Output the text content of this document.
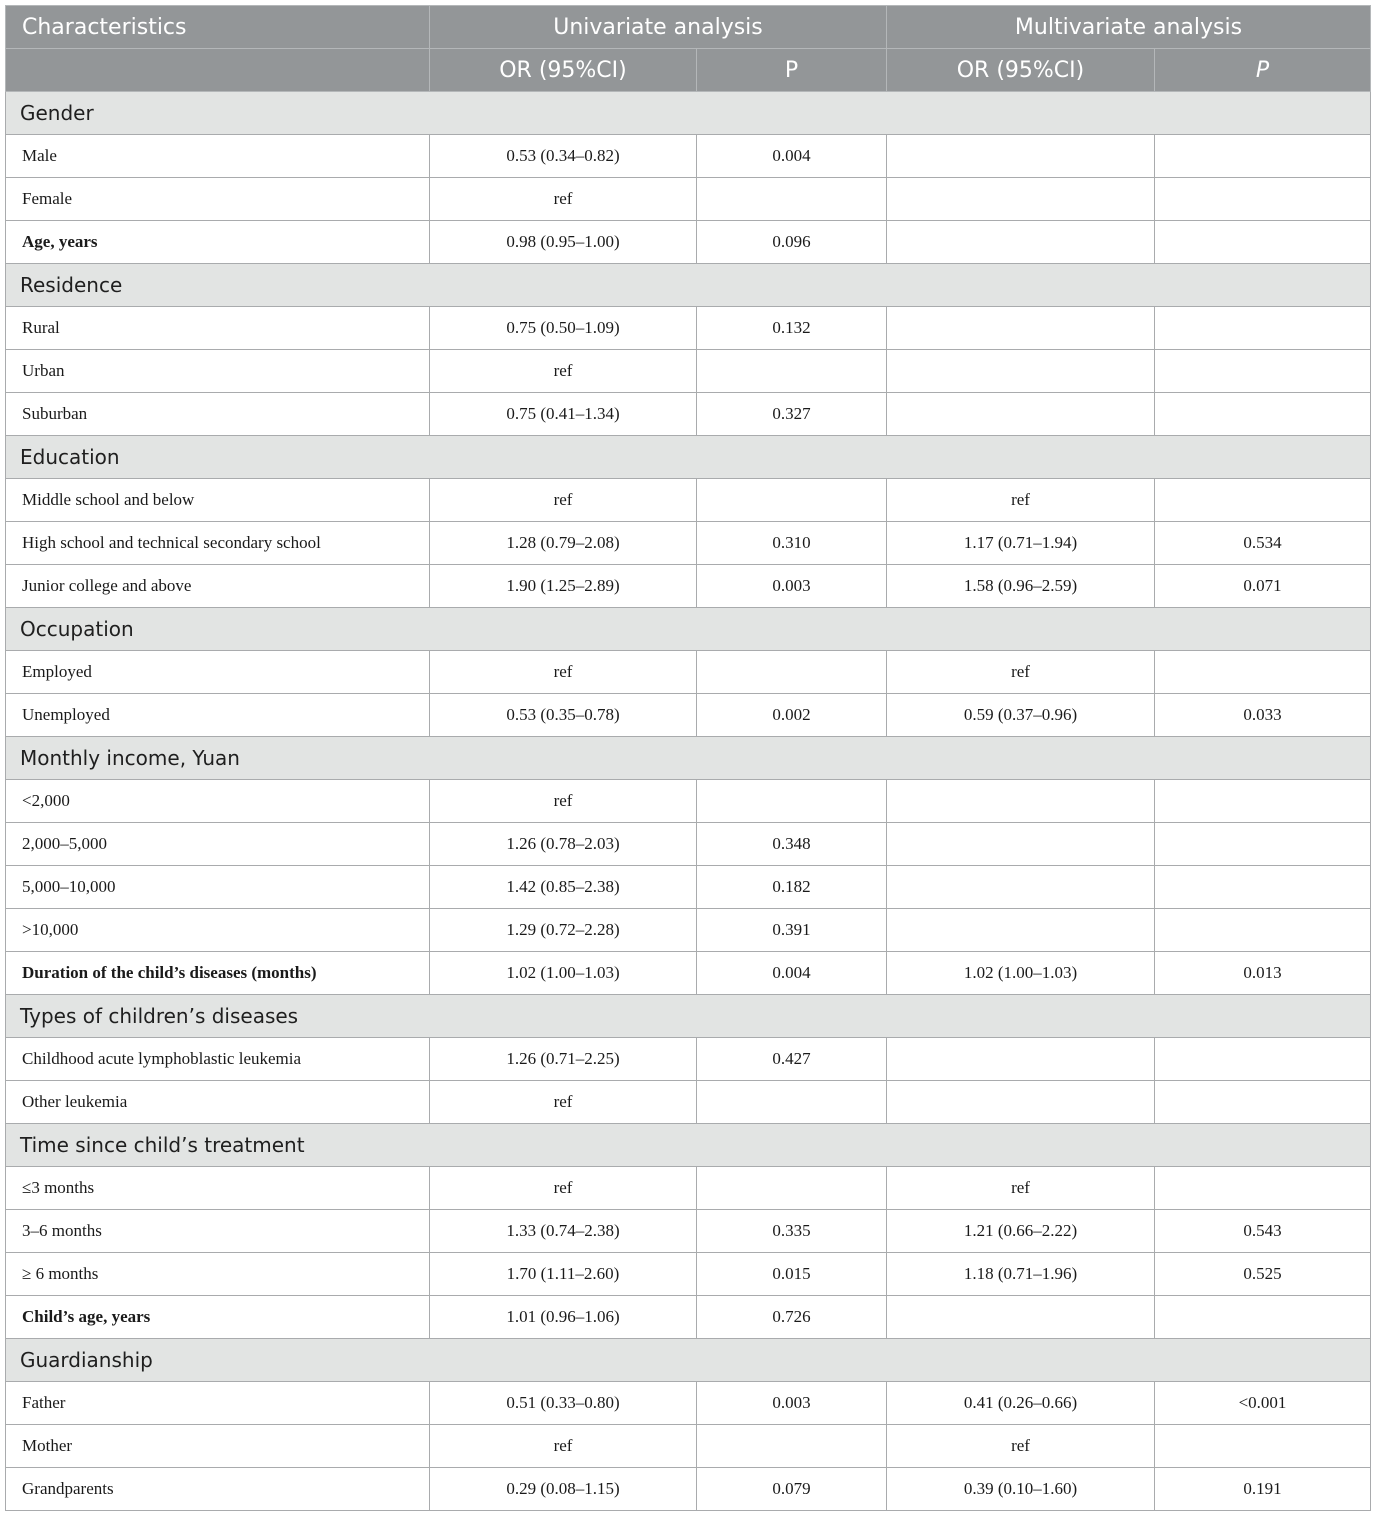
Characteristics	Univariate analysis		Multivariate analysis	
	OR (95%CI)	P	OR (95%CI)	P
Gender				
Male	0.53 (0.34–0.82)	0.004		
Female	ref			
Age, years	0.98 (0.95–1.00)	0.096		
Residence				
Rural	0.75 (0.50–1.09)	0.132		
Urban	ref			
Suburban	0.75 (0.41–1.34)	0.327		
Education				
Middle school and below	ref		ref	
High school and technical secondary school	1.28 (0.79–2.08)	0.310	1.17 (0.71–1.94)	0.534
Junior college and above	1.90 (1.25–2.89)	0.003	1.58 (0.96–2.59)	0.071
Occupation				
Employed	ref		ref	
Unemployed	0.53 (0.35–0.78)	0.002	0.59 (0.37–0.96)	0.033
Monthly income, Yuan				
<2,000	ref			
2,000–5,000	1.26 (0.78–2.03)	0.348		
5,000–10,000	1.42 (0.85–2.38)	0.182		
>10,000	1.29 (0.72–2.28)	0.391		
Duration of the child’s diseases (months)	1.02 (1.00–1.03)	0.004	1.02 (1.00–1.03)	0.013
Types of children’s diseases				
Childhood acute lymphoblastic leukemia	1.26 (0.71–2.25)	0.427		
Other leukemia	ref			
Time since child’s treatment				
≤3 months	ref		ref	
3–6 months	1.33 (0.74–2.38)	0.335	1.21 (0.66–2.22)	0.543
≥ 6 months	1.70 (1.11–2.60)	0.015	1.18 (0.71–1.96)	0.525
Child’s age, years	1.01 (0.96–1.06)	0.726		
Guardianship				
Father	0.51 (0.33–0.80)	0.003	0.41 (0.26–0.66)	<0.001
Mother	ref		ref	
Grandparents	0.29 (0.08–1.15)	0.079	0.39 (0.10–1.60)	0.191
